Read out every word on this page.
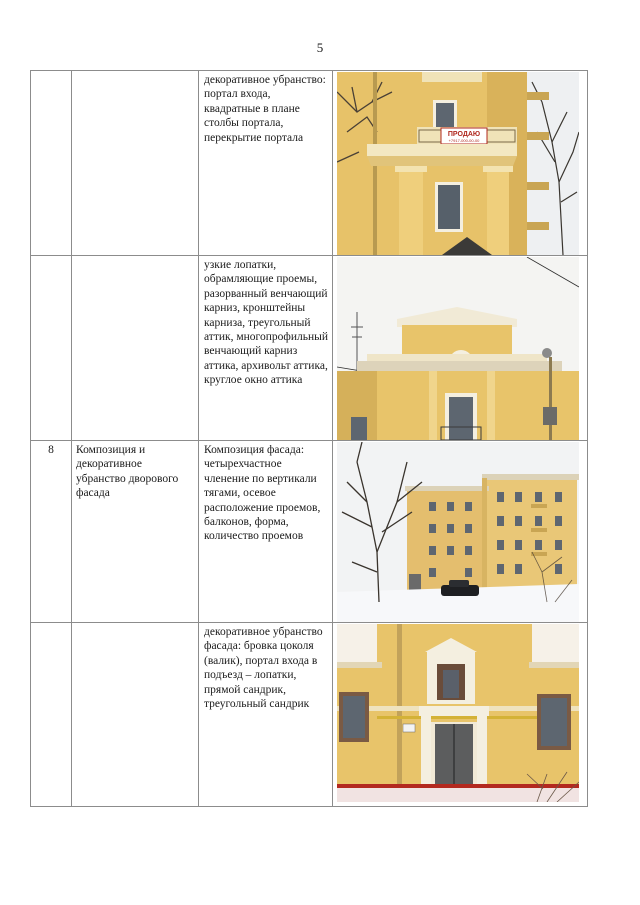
5
		декоративное убранство: портал входа, квадратные в плане столбы портала, перекрытие портала	ПРОДАЮ
+7917-000-00-00

		узкие лопатки, обрамляющие проемы, разорванный венчающий карниз, кронштейны карниза, треугольный аттик, многопрофильный венчающий карниз аттика, архивольт аттика, круглое окно аттика	

8	Композиция и декоративное убранство дворового фасада	Композиция фасада: четырехчастное членение по вертикали тягами, осевое расположение проемов, балконов, форма, количество проемов	

		декоративное убранство фасада: бровка цоколя (валик), портал входа в подъезд – лопатки, прямой сандрик, треугольный сандрик	
